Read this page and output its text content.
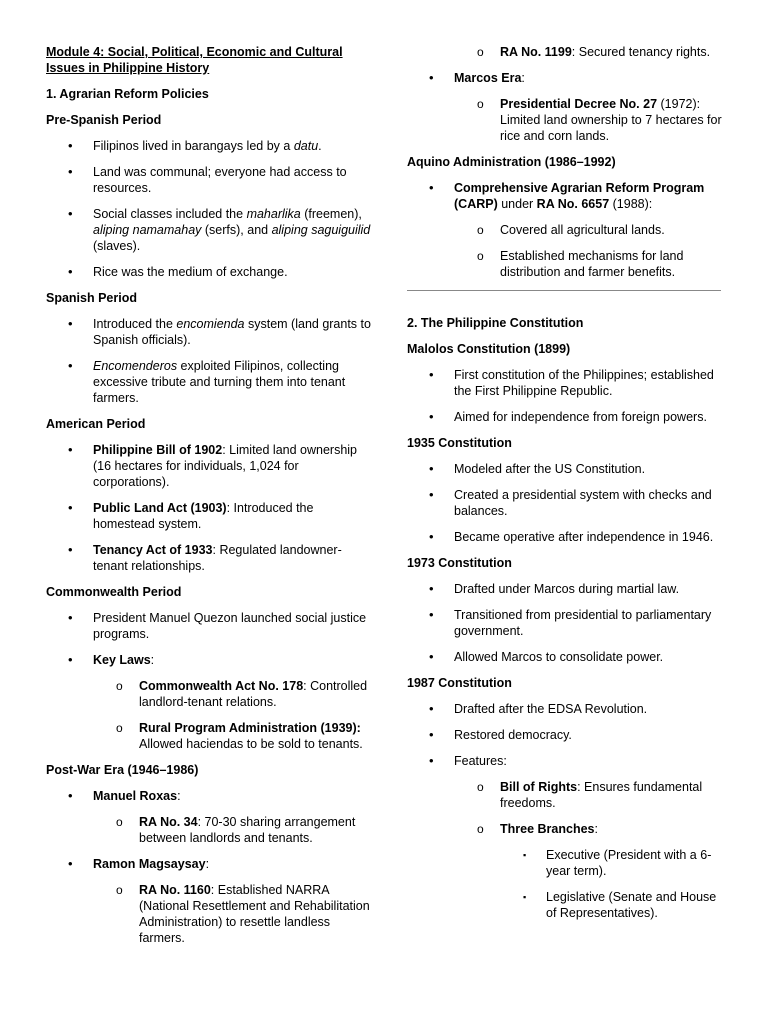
Module 4: Social, Political, Economic and Cultural
Issues in Philippine History
1. Agrarian Reform Policies
Pre-Spanish Period
• Filipinos lived in barangays led by a datu.
• Land was communal; everyone had access to resources.
• Social classes included the maharlika (freemen), aliping namamahay (serfs), and aliping saguiguilid (slaves).
• Rice was the medium of exchange.
Spanish Period
• Introduced the encomienda system (land grants to Spanish officials).
• Encomenderos exploited Filipinos, collecting excessive tribute and turning them into tenant farmers.
American Period
• Philippine Bill of 1902: Limited land ownership (16 hectares for individuals, 1,024 for corporations).
• Public Land Act (1903): Introduced the homestead system.
• Tenancy Act of 1933: Regulated landowner-tenant relationships.
Commonwealth Period
• President Manuel Quezon launched social justice programs.
• Key Laws:
o Commonwealth Act No. 178: Controlled landlord-tenant relations.
o Rural Program Administration (1939): Allowed haciendas to be sold to tenants.
Post-War Era (1946–1986)
• Manuel Roxas:
o RA No. 34: 70-30 sharing arrangement between landlords and tenants.
• Ramon Magsaysay:
o RA No. 1160: Established NARRA (National Resettlement and Rehabilitation Administration) to resettle landless farmers.
o RA No. 1199: Secured tenancy rights.
• Marcos Era:
o Presidential Decree No. 27 (1972): Limited land ownership to 7 hectares for rice and corn lands.
Aquino Administration (1986–1992)
• Comprehensive Agrarian Reform Program (CARP) under RA No. 6657 (1988):
o Covered all agricultural lands.
o Established mechanisms for land distribution and farmer benefits.
2. The Philippine Constitution
Malolos Constitution (1899)
• First constitution of the Philippines; established the First Philippine Republic.
• Aimed for independence from foreign powers.
1935 Constitution
• Modeled after the US Constitution.
• Created a presidential system with checks and balances.
• Became operative after independence in 1946.
1973 Constitution
• Drafted under Marcos during martial law.
• Transitioned from presidential to parliamentary government.
• Allowed Marcos to consolidate power.
1987 Constitution
• Drafted after the EDSA Revolution.
• Restored democracy.
• Features:
o Bill of Rights: Ensures fundamental freedoms.
o Three Branches:
▪ Executive (President with a 6-year term).
▪ Legislative (Senate and House of Representatives).
